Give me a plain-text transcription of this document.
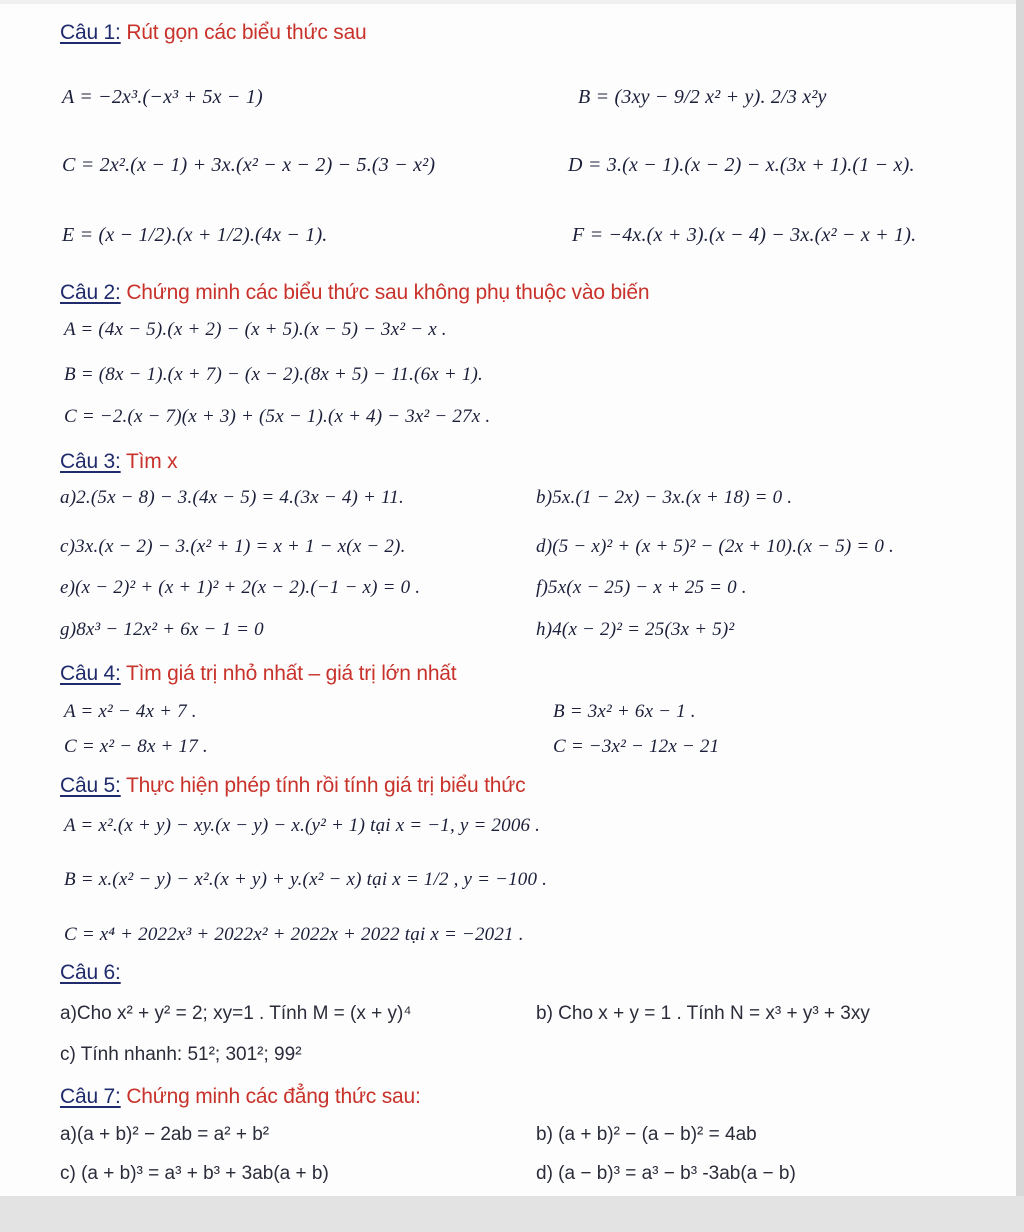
Câu 1: Rút gọn các biểu thức sau
A = −2x³.(−x³ + 5x − 1)	B = (3xy − 9/2 x² + y). 2/3 x²y
C = 2x².(x − 1) + 3x.(x² − x − 2) − 5.(3 − x²)	D = 3.(x − 1).(x − 2) − x.(3x + 1).(1 − x).
E = (x − 1/2).(x + 1/2).(4x − 1).	F = −4x.(x + 3).(x − 4) − 3x.(x² − x + 1).
Câu 2: Chứng minh các biểu thức sau không phụ thuộc vào biến
A = (4x − 5).(x + 2) − (x + 5).(x − 5) − 3x² − x .
B = (8x − 1).(x + 7) − (x − 2).(8x + 5) − 11.(6x + 1).
C = −2.(x − 7)(x + 3) + (5x − 1).(x + 4) − 3x² − 27x .
Câu 3: Tìm x
a)2.(5x − 8) − 3.(4x − 5) = 4.(3x − 4) + 11.	b)5x.(1 − 2x) − 3x.(x + 18) = 0 .
c)3x.(x − 2) − 3.(x² + 1) = x + 1 − x(x − 2).	d)(5 − x)² + (x + 5)² − (2x + 10).(x − 5) = 0 .
e)(x − 2)² + (x + 1)² + 2(x − 2).(−1 − x) = 0 .	f)5x(x − 25) − x + 25 = 0 .
g)8x³ − 12x² + 6x − 1 = 0	h)4(x − 2)² = 25(3x + 5)²
Câu 4: Tìm giá trị nhỏ nhất – giá trị lớn nhất
A = x² − 4x + 7 .	B = 3x² + 6x − 1 .
C = x² − 8x + 17 .	C = −3x² − 12x − 21
Câu 5: Thực hiện phép tính rồi tính giá trị biểu thức
A = x².(x + y) − xy.(x − y) − x.(y² + 1) tại x = −1, y = 2006 .
B = x.(x² − y) − x².(x + y) + y.(x² − x) tại x = 1/2 , y = −100 .
C = x⁴ + 2022x³ + 2022x² + 2022x + 2022 tại x = −2021 .
Câu 6:
a)Cho x² + y² = 2; xy=1 . Tính M = (x + y)⁴	b) Cho x + y = 1 . Tính N = x³ + y³ + 3xy
c) Tính nhanh: 51²; 301²; 99²
Câu 7: Chứng minh các đẳng thức sau:
a)(a + b)² − 2ab = a² + b²	b) (a + b)² − (a − b)² = 4ab
c) (a + b)³ = a³ + b³ + 3ab(a + b)	d) (a − b)³ = a³ − b³ -3ab(a − b)
